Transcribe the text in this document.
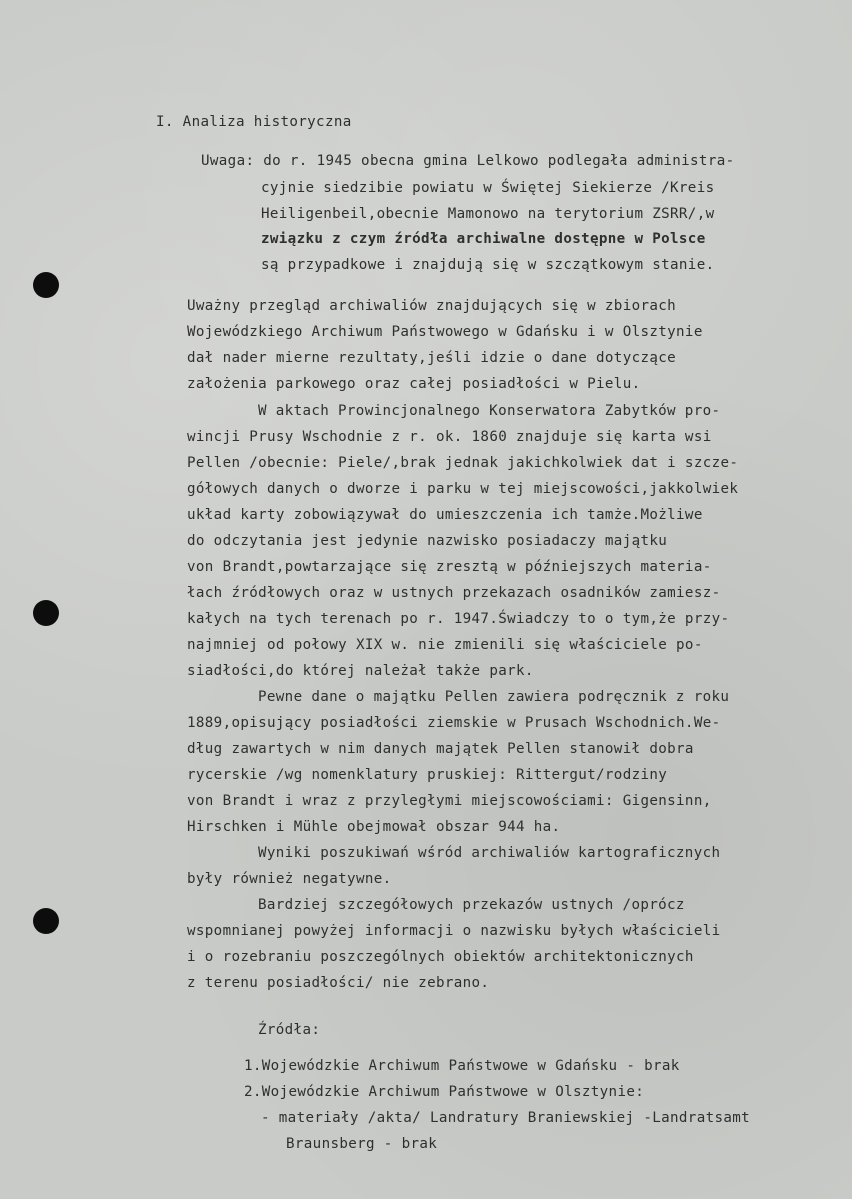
I. Analiza historyczna
Uwaga: do r. 1945 obecna gmina Lelkowo podlegała administra-
cyjnie siedzibie powiatu w Świętej Siekierze /Kreis
Heiligenbeil,obecnie Mamonowo na terytorium ZSRR/,w
związku z czym źródła archiwalne dostępne w Polsce
są przypadkowe i znajdują się w szczątkowym stanie.
Uważny przegląd archiwaliów znajdujących się w zbiorach
Wojewódzkiego Archiwum Państwowego w Gdańsku i w Olsztynie
dał nader mierne rezultaty,jeśli idzie o dane dotyczące
założenia parkowego oraz całej posiadłości w Pielu.
W aktach Prowincjonalnego Konserwatora Zabytków pro-
wincji Prusy Wschodnie z r. ok. 1860 znajduje się karta wsi
Pellen /obecnie: Piele/,brak jednak jakichkolwiek dat i szcze-
gółowych danych o dworze i parku w tej miejscowości,jakkolwiek
układ karty zobowiązywał do umieszczenia ich tamże.Możliwe
do odczytania jest jedynie nazwisko posiadaczy majątku
von Brandt,powtarzające się zresztą w późniejszych materia-
łach źródłowych oraz w ustnych przekazach osadników zamiesz-
kałych na tych terenach po r. 1947.Świadczy to o tym,że przy-
najmniej od połowy XIX w. nie zmienili się właściciele po-
siadłości,do której należał także park.
Pewne dane o majątku Pellen zawiera podręcznik z roku
1889,opisujący posiadłości ziemskie w Prusach Wschodnich.We-
dług zawartych w nim danych majątek Pellen stanowił dobra
rycerskie /wg nomenklatury pruskiej: Rittergut/rodziny
von Brandt i wraz z przyległymi miejscowościami: Gigensinn,
Hirschken i Mühle obejmował obszar 944 ha.
Wyniki poszukiwań wśród archiwaliów kartograficznych
były również negatywne.
Bardziej szczegółowych przekazów ustnych /oprócz
wspomnianej powyżej informacji o nazwisku byłych właścicieli
i o rozebraniu poszczególnych obiektów architektonicznych
z terenu posiadłości/ nie zebrano.
Źródła:
1.Wojewódzkie Archiwum Państwowe w Gdańsku - brak
2.Wojewódzkie Archiwum Państwowe w Olsztynie:
- materiały /akta/ Landratury Braniewskiej -Landratsamt
Braunsberg - brak
